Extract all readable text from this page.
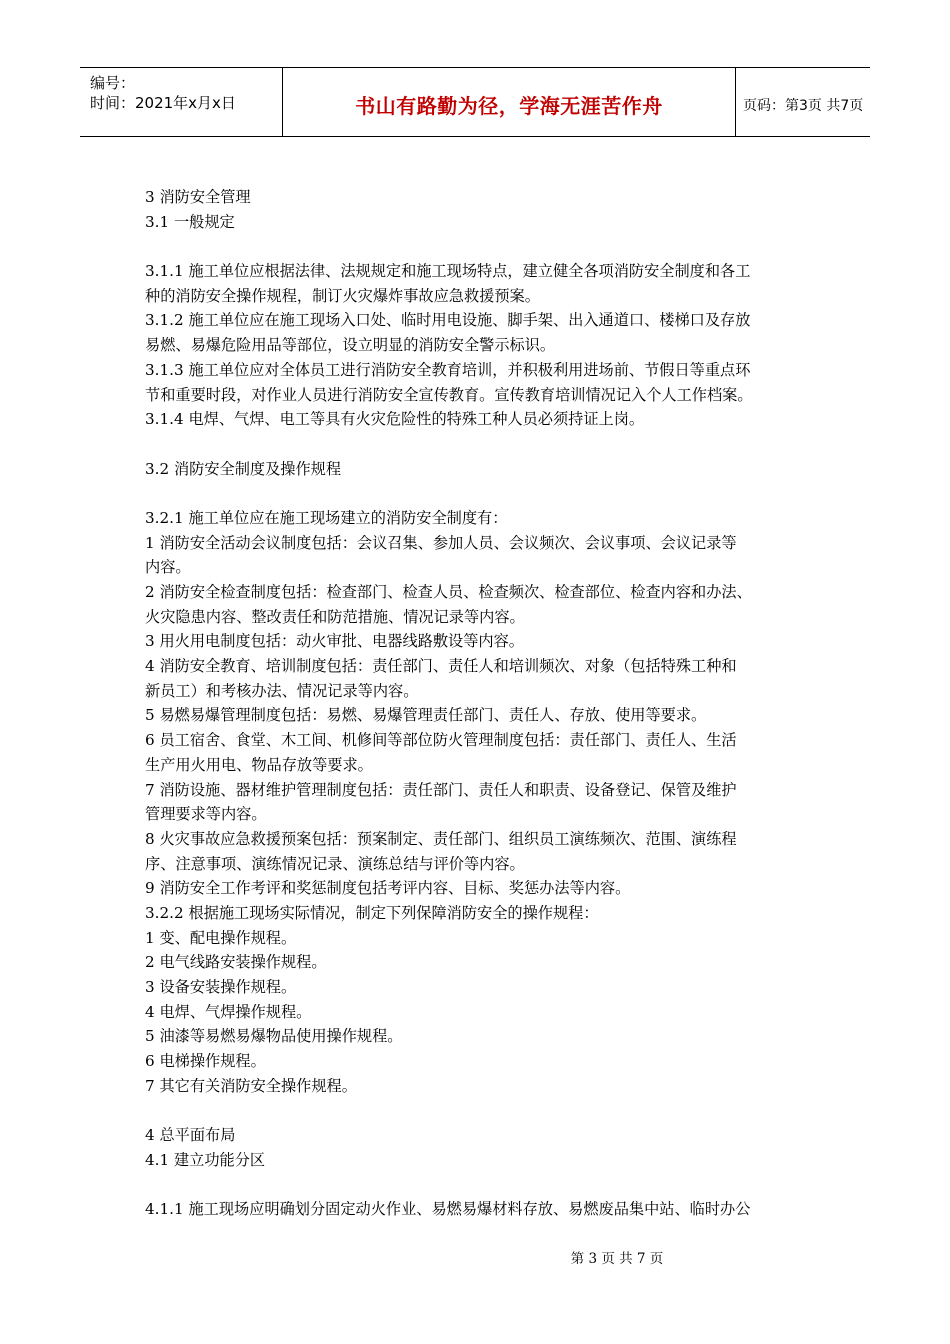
编号：
时间：2021年x月x日	书山有路勤为径，学海无涯苦作舟	页码：第3页 共7页
3 消防安全管理
3.1 一般规定
3.1.1 施工单位应根据法律、法规规定和施工现场特点，建立健全各项消防安全制度和各工
种的消防安全操作规程，制订火灾爆炸事故应急救援预案。
3.1.2 施工单位应在施工现场入口处、临时用电设施、脚手架、出入通道口、楼梯口及存放
易燃、易爆危险用品等部位，设立明显的消防安全警示标识。
3.1.3 施工单位应对全体员工进行消防安全教育培训，并积极利用进场前、节假日等重点环
节和重要时段，对作业人员进行消防安全宣传教育。宣传教育培训情况记入个人工作档案。
3.1.4 电焊、气焊、电工等具有火灾危险性的特殊工种人员必须持证上岗。
3.2 消防安全制度及操作规程
3.2.1 施工单位应在施工现场建立的消防安全制度有：
1 消防安全活动会议制度包括：会议召集、参加人员、会议频次、会议事项、会议记录等
内容。
2 消防安全检查制度包括：检查部门、检查人员、检查频次、检查部位、检查内容和办法、
火灾隐患内容、整改责任和防范措施、情况记录等内容。
3 用火用电制度包括：动火审批、电器线路敷设等内容。
4 消防安全教育、培训制度包括：责任部门、责任人和培训频次、对象（包括特殊工种和
新员工）和考核办法、情况记录等内容。
5 易燃易爆管理制度包括：易燃、易爆管理责任部门、责任人、存放、使用等要求。
6 员工宿舍、食堂、木工间、机修间等部位防火管理制度包括：责任部门、责任人、生活
生产用火用电、物品存放等要求。
7 消防设施、器材维护管理制度包括：责任部门、责任人和职责、设备登记、保管及维护
管理要求等内容。
8 火灾事故应急救援预案包括：预案制定、责任部门、组织员工演练频次、范围、演练程
序、注意事项、演练情况记录、演练总结与评价等内容。
9 消防安全工作考评和奖惩制度包括考评内容、目标、奖惩办法等内容。
3.2.2 根据施工现场实际情况，制定下列保障消防安全的操作规程：
1 变、配电操作规程。
2 电气线路安装操作规程。
3 设备安装操作规程。
4 电焊、气焊操作规程。
5 油漆等易燃易爆物品使用操作规程。
6 电梯操作规程。
7 其它有关消防安全操作规程。
4 总平面布局
4.1 建立功能分区
4.1.1 施工现场应明确划分固定动火作业、易燃易爆材料存放、易燃废品集中站、临时办公
第 3 页 共 7 页
